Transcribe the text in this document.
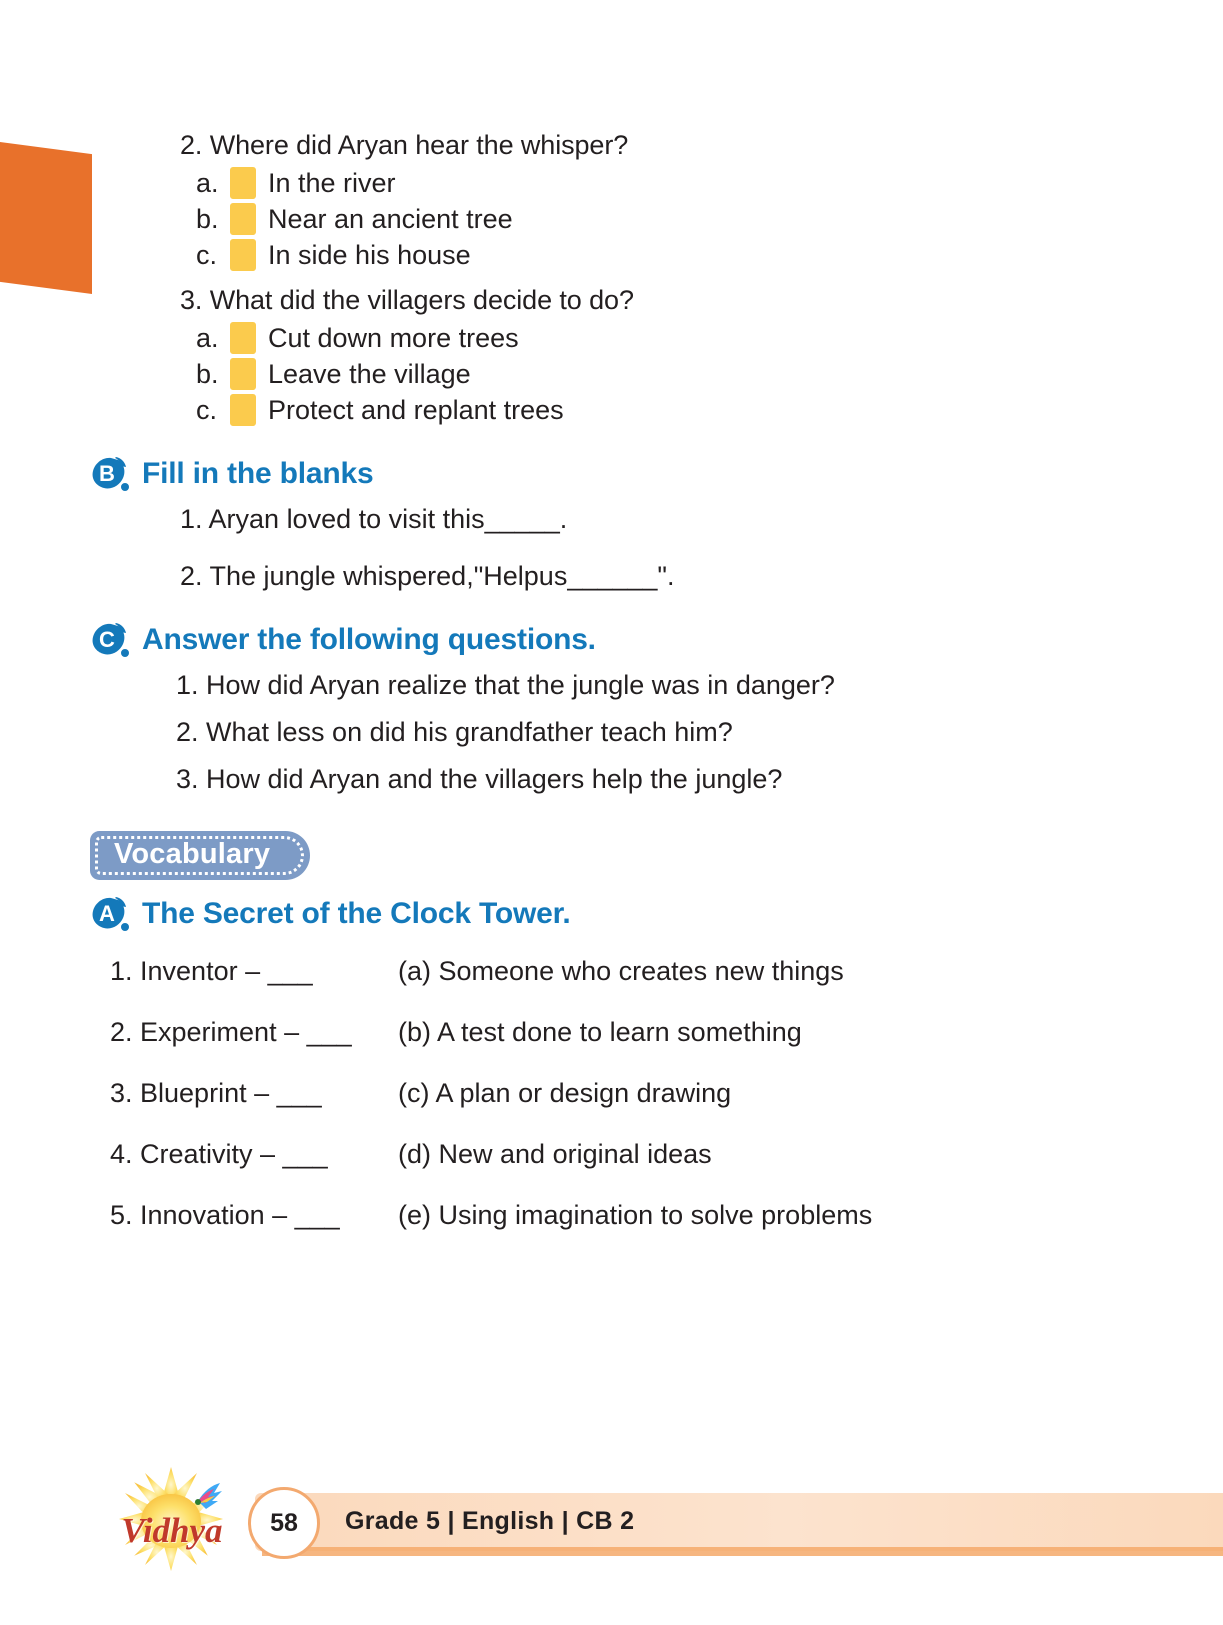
2. Where did Aryan hear the whisper?
a.	In the river
b.	Near an ancient tree
c.	In side his house
3. What did the villagers decide to do?
a.	Cut down more trees
b.	Leave the village
c.	Protect and replant trees
B Fill in the blanks
1. Aryan loved to visit this_____.
2. The jungle whispered,"Helpus______".
C Answer the following questions.
1. How did Aryan realize that the jungle was in danger?
2. What less on did his grandfather teach him?
3. How did Aryan and the villagers help the jungle?
Vocabulary
A The Secret of the Clock Tower.
1. Inventor – ___	(a) Someone who creates new things
2. Experiment – ___	(b) A test done to learn something
3. Blueprint – ___	(c) A plan or design drawing
4. Creativity – ___	(d) New and original ideas
5. Innovation – ___	(e) Using imagination to solve problems
Vidhya	58	Grade 5 | English | CB 2
